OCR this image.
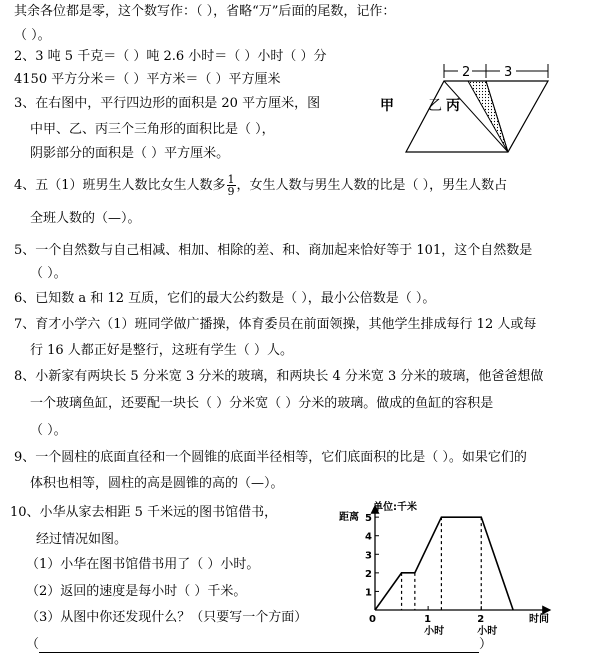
其余各位都是零，这个数写作：（ ），省略“万”后面的尾数，记作：
（ ）。
2、3 吨 5 千克＝（ ）吨 2.6 小时＝（ ）小时（ ）分
4150 平方分米＝（ ）平方米＝（ ）平方厘米
3、在右图中，平行四边形的面积是 20 平方厘米，图
中甲、乙、丙三个三角形的面积比是（ ），
阴影部分的面积是（ ）平方厘米。
4、五（1）班男生人数比女生人数多 $\frac{1}{9}$ ，女生人数与男生人数的比是（ ），男生人数占
全班人数的（—）。
5、一个自然数与自己相减、相加、相除的差、和、商加起来恰好等于 101，这个自然数是
（ ）。
6、已知数 a 和 12 互质，它们的最大公约数是（ ），最小公倍数是（ ）。
7、育才小学六（1）班同学做广播操，体育委员在前面领操，其他学生排成每行 12 人或每
行 16 人都正好是整行，这班有学生（ ）人。
8、小新家有两块长 5 分米宽 3 分米的玻璃，和两块长 4 分米宽 3 分米的玻璃，他爸爸想做
一个玻璃鱼缸，还要配一块长（ ）分米宽（ ）分米的玻璃。做成的鱼缸的容积是
（ ）。
9、一个圆柱的底面直径和一个圆锥的底面半径相等，它们底面积的比是（ ）。如果它们的
体积也相等，圆柱的高是圆锥的高的（—）。
10、小华从家去相距 5 千米远的图书馆借书，
经过情况如图。
（1）小华在图书馆借书用了（ ）小时。
（2）返回的速度是每小时（ ）千米。
（3）从图中你还发现什么？（只要写一个方面）
（	）
2	3
甲 乙 丙
单位:千米
距离
时间
0
1
2
3
4
5
1 小时
2 小时
